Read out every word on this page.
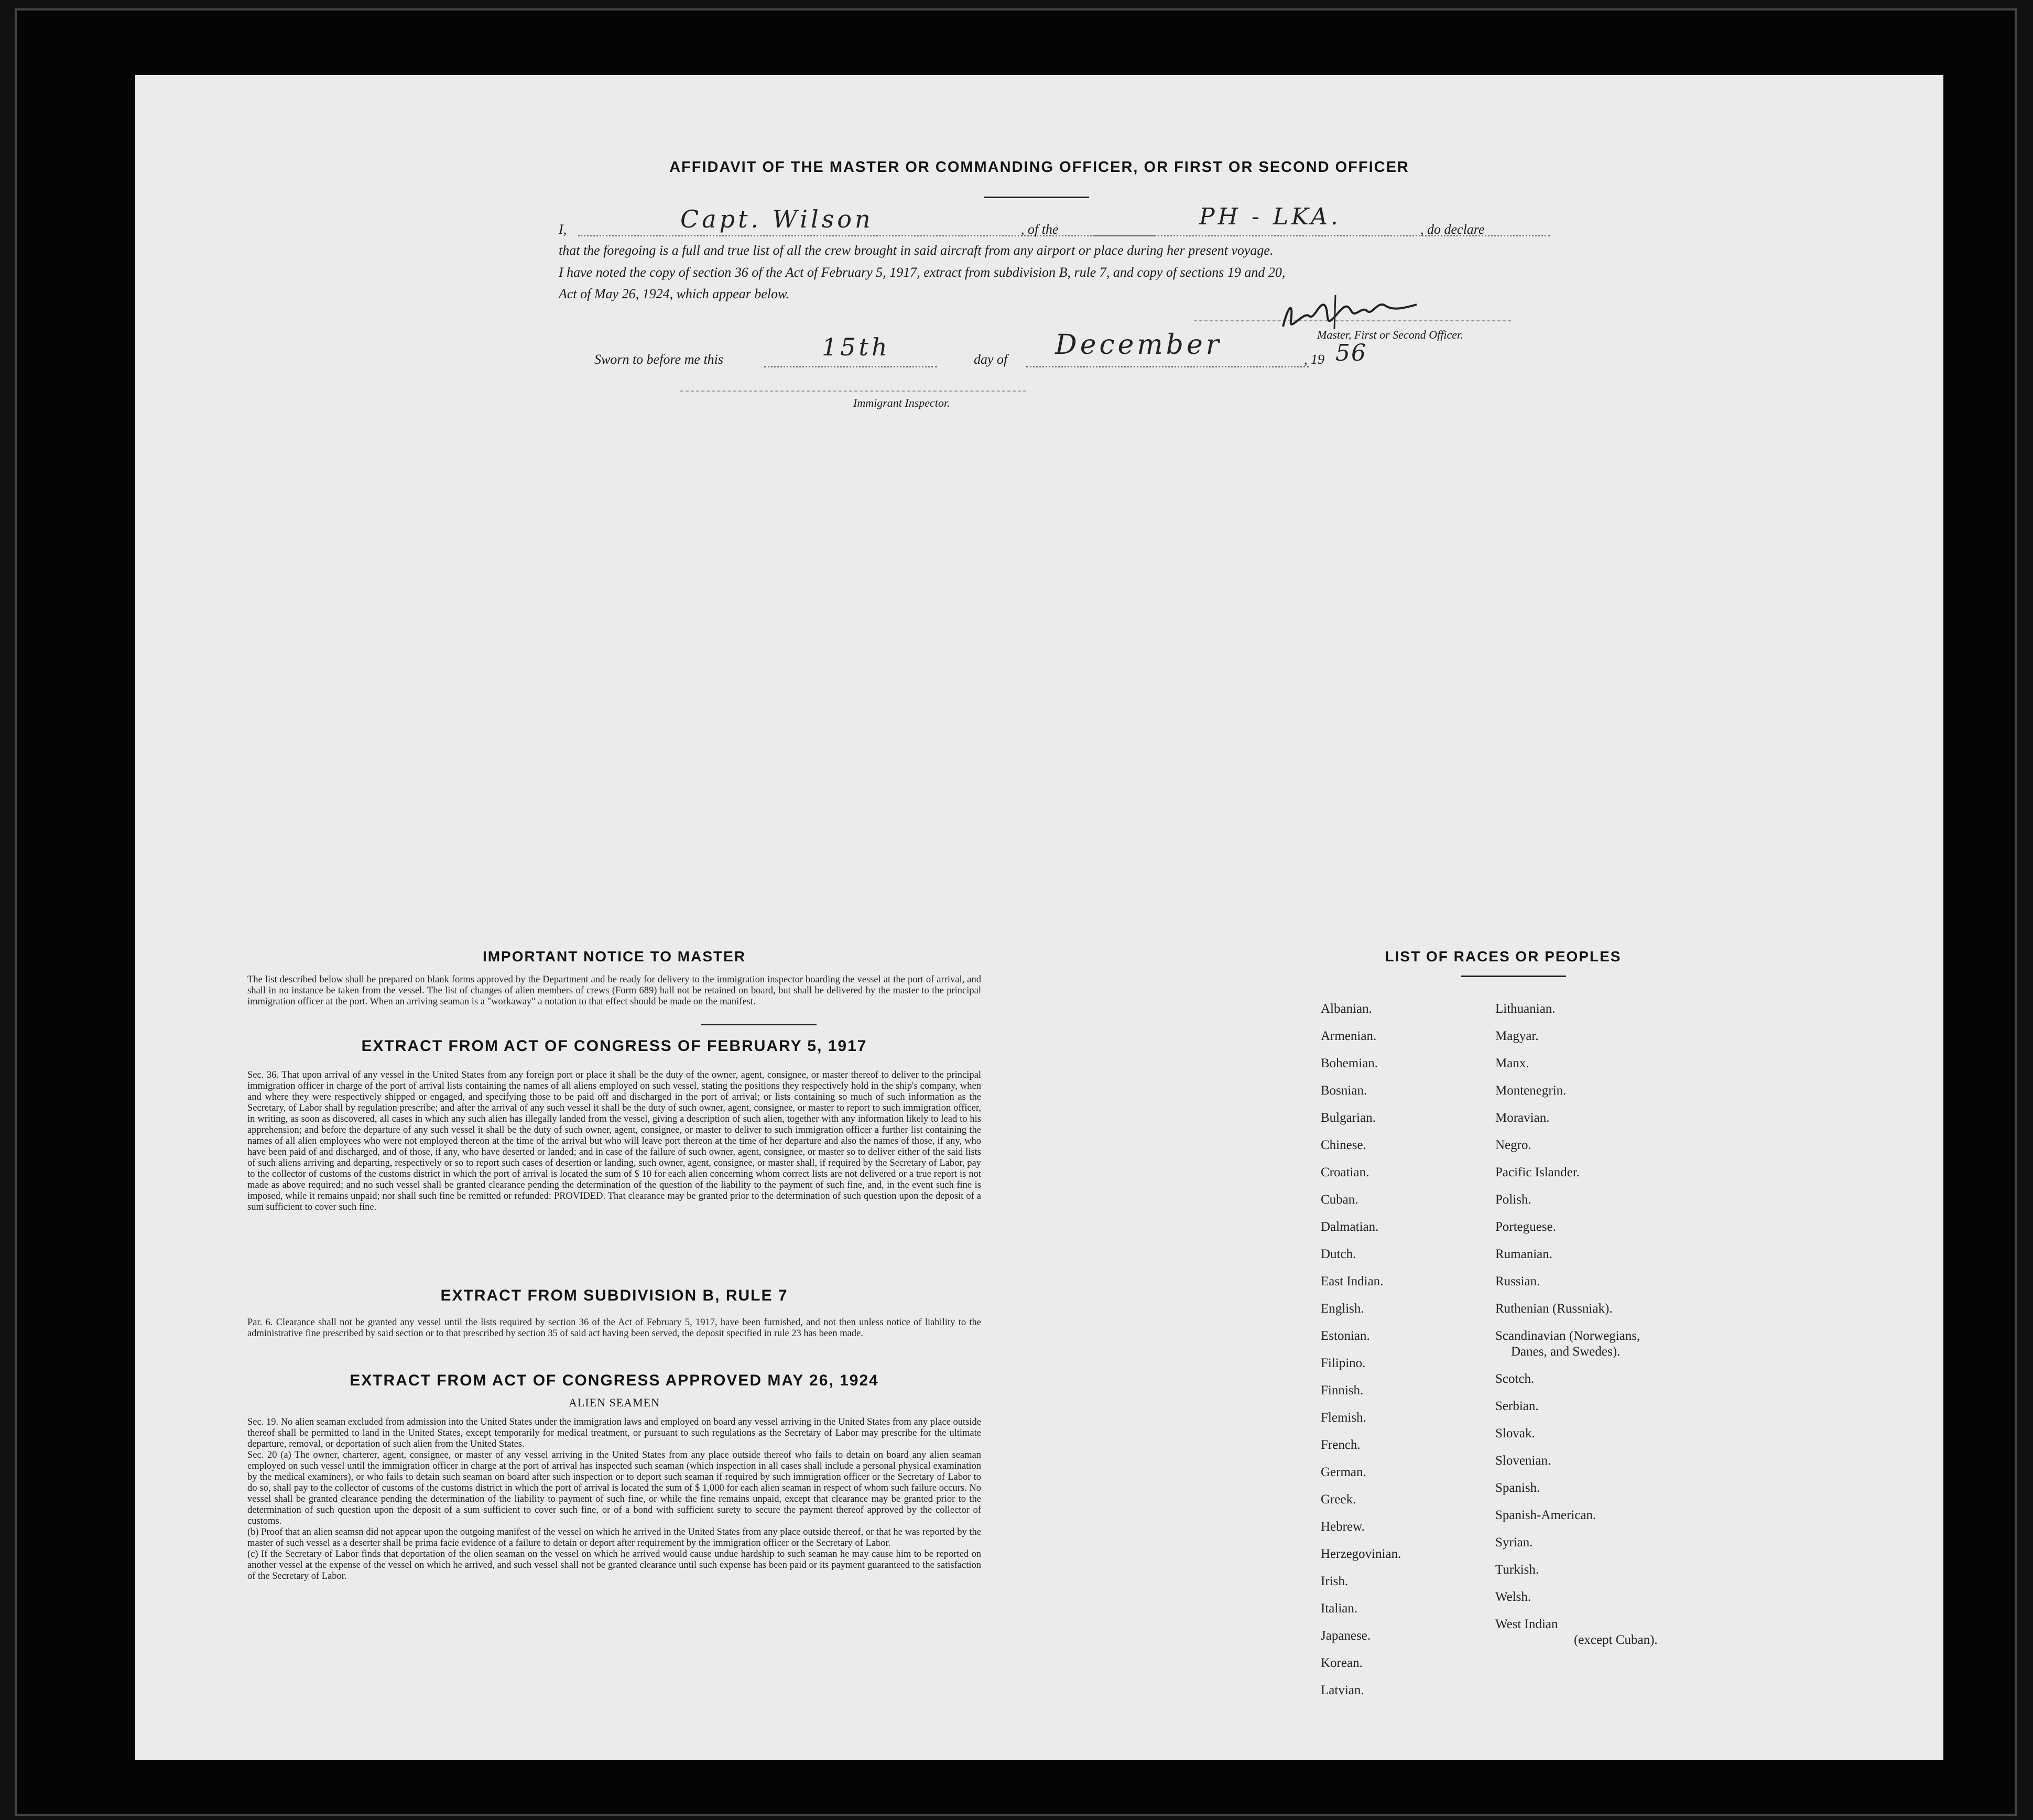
AFFIDAVIT OF THE MASTER OR COMMANDING OFFICER, OR FIRST OR SECOND OFFICER
I,	Capt. Wilson	, of the	PH - LKA.	, do declare
that the foregoing is a full and true list of all the crew brought in said aircraft from any airport or place during her present voyage.
I have noted the copy of section 36 of the Act of February 5, 1917, extract from subdivision B, rule 7, and copy of sections 19 and 20,
Act of May 26, 1924, which appear below.
Master, First or Second Officer.
Sworn to before me this	15th	day of December	, 19 56
Immigrant Inspector.
IMPORTANT NOTICE TO MASTER
The list described below shall be prepared on blank forms approved by the Department and be ready for delivery to the immigration inspector boarding the vessel at the port of arrival, and shall in no instance be taken from the vessel. The list of changes of alien members of crews (Form 689) hall not be retained on board, but shall be delivered by the master to the principal immigration officer at the port. When an arriving seaman is a "workaway" a notation to that effect should be made on the manifest.
EXTRACT FROM ACT OF CONGRESS OF FEBRUARY 5, 1917
Sec. 36. That upon arrival of any vessel in the United States from any foreign port or place it shall be the duty of the owner, agent, consignee, or master thereof to deliver to the principal immigration officer in charge of the port of arrival lists containing the names of all aliens employed on such vessel, stating the positions they respectively hold in the ship's company, when and where they were respectively shipped or engaged, and specifying those to be paid off and discharged in the port of arrival; or lists containing so much of such information as the Secretary, of Labor shall by regulation prescribe; and after the arrival of any such vessel it shall be the duty of such owner, agent, consignee, or master to report to such immigration officer, in writing, as soon as discovered, all cases in which any such alien has illegally landed from the vessel, giving a description of such alien, together with any information likely to lead to his apprehension; and before the departure of any such vessel it shall be the duty of such owner, agent, consignee, or master to deliver to such immigration officer a further list containing the names of all alien employees who were not employed thereon at the time of the arrival but who will leave port thereon at the time of her departure and also the names of those, if any, who have been paid of and discharged, and of those, if any, who have deserted or landed; and in case of the failure of such owner, agent, consignee, or master so to deliver either of the said lists of such aliens arriving and departing, respectively or so to report such cases of desertion or landing, such owner, agent, consignee, or master shall, if required by the Secretary of Labor, pay to the collector of customs of the customs district in which the port of arrival is located the sum of $ 10 for each alien concerning whom correct lists are not delivered or a true report is not made as above required; and no such vessel shall be granted clearance pending the determination of the question of the liability to the payment of such fine, and, in the event such fine is imposed, while it remains unpaid; nor shall such fine be remitted or refunded: PROVIDED. That clearance may be granted prior to the determination of such question upon the deposit of a sum sufficient to cover such fine.
EXTRACT FROM SUBDIVISION B, RULE 7
Par. 6. Clearance shall not be granted any vessel until the lists required by section 36 of the Act of February 5, 1917, have been furnished, and not then unless notice of liability to the administrative fine prescribed by said section or to that prescribed by section 35 of said act having been served, the deposit specified in rule 23 has been made.
EXTRACT FROM ACT OF CONGRESS APPROVED MAY 26, 1924
ALIEN SEAMEN
Sec. 19. No alien seaman excluded from admission into the United States under the immigration laws and employed on board any vessel arriving in the United States from any place outside thereof shall be permitted to land in the United States, except temporarily for medical treatment, or pursuant to such regulations as the Secretary of Labor may prescribe for the ultimate departure, removal, or deportation of such alien from the United States.
Sec. 20 (a) The owner, charterer, agent, consignee, or master of any vessel arriving in the United States from any place outside thereof who fails to detain on board any alien seaman employed on such vessel until the immigration officer in charge at the port of arrival has inspected such seaman (which inspection in all cases shall include a personal physical examination by the medical examiners), or who fails to detain such seaman on board after such inspection or to deport such seaman if required by such immigration officer or the Secretary of Labor to do so, shall pay to the collector of customs of the customs district in which the port of arrival is located the sum of $ 1,000 for each alien seaman in respect of whom such failure occurs. No vessel shall be granted clearance pending the determination of the liability to payment of such fine, or while the fine remains unpaid, except that clearance may be granted prior to the determination of such question upon the deposit of a sum sufficient to cover such fine, or of a bond with sufficient surety to secure the payment thereof approved by the collector of customs.
(b) Proof that an alien seamsn did not appear upon the outgoing manifest of the vessel on which he arrived in the United States from any place outside thereof, or that he was reported by the master of such vessel as a deserter shall be prima facie evidence of a failure to detain or deport after requirement by the immigration officer or the Secretary of Labor.
(c) If the Secretary of Labor finds that deportation of the olien seaman on the vessel on which he arrived would cause undue hardship to such seaman he may cause him to be reported on another vessel at the expense of the vessel on which he arrived, and such vessel shall not be granted clearance until such expense has been paid or its payment guaranteed to the satisfaction of the Secretary of Labor.
LIST OF RACES OR PEOPLES
Albanian.
Armenian.
Bohemian.
Bosnian.
Bulgarian.
Chinese.
Croatian.
Cuban.
Dalmatian.
Dutch.
East Indian.
English.
Estonian.
Filipino.
Finnish.
Flemish.
French.
German.
Greek.
Hebrew.
Herzegovinian.
Irish.
Italian.
Japanese.
Korean.
Latvian.
Lithuanian.
Magyar.
Manx.
Montenegrin.
Moravian.
Negro.
Pacific Islander.
Polish.
Porteguese.
Rumanian.
Russian.
Ruthenian (Russniak).
Scandinavian (Norwegians,
Danes, and Swedes).
Scotch.
Serbian.
Slovak.
Slovenian.
Spanish.
Spanish-American.
Syrian.
Turkish.
Welsh.
West Indian
(except Cuban).
